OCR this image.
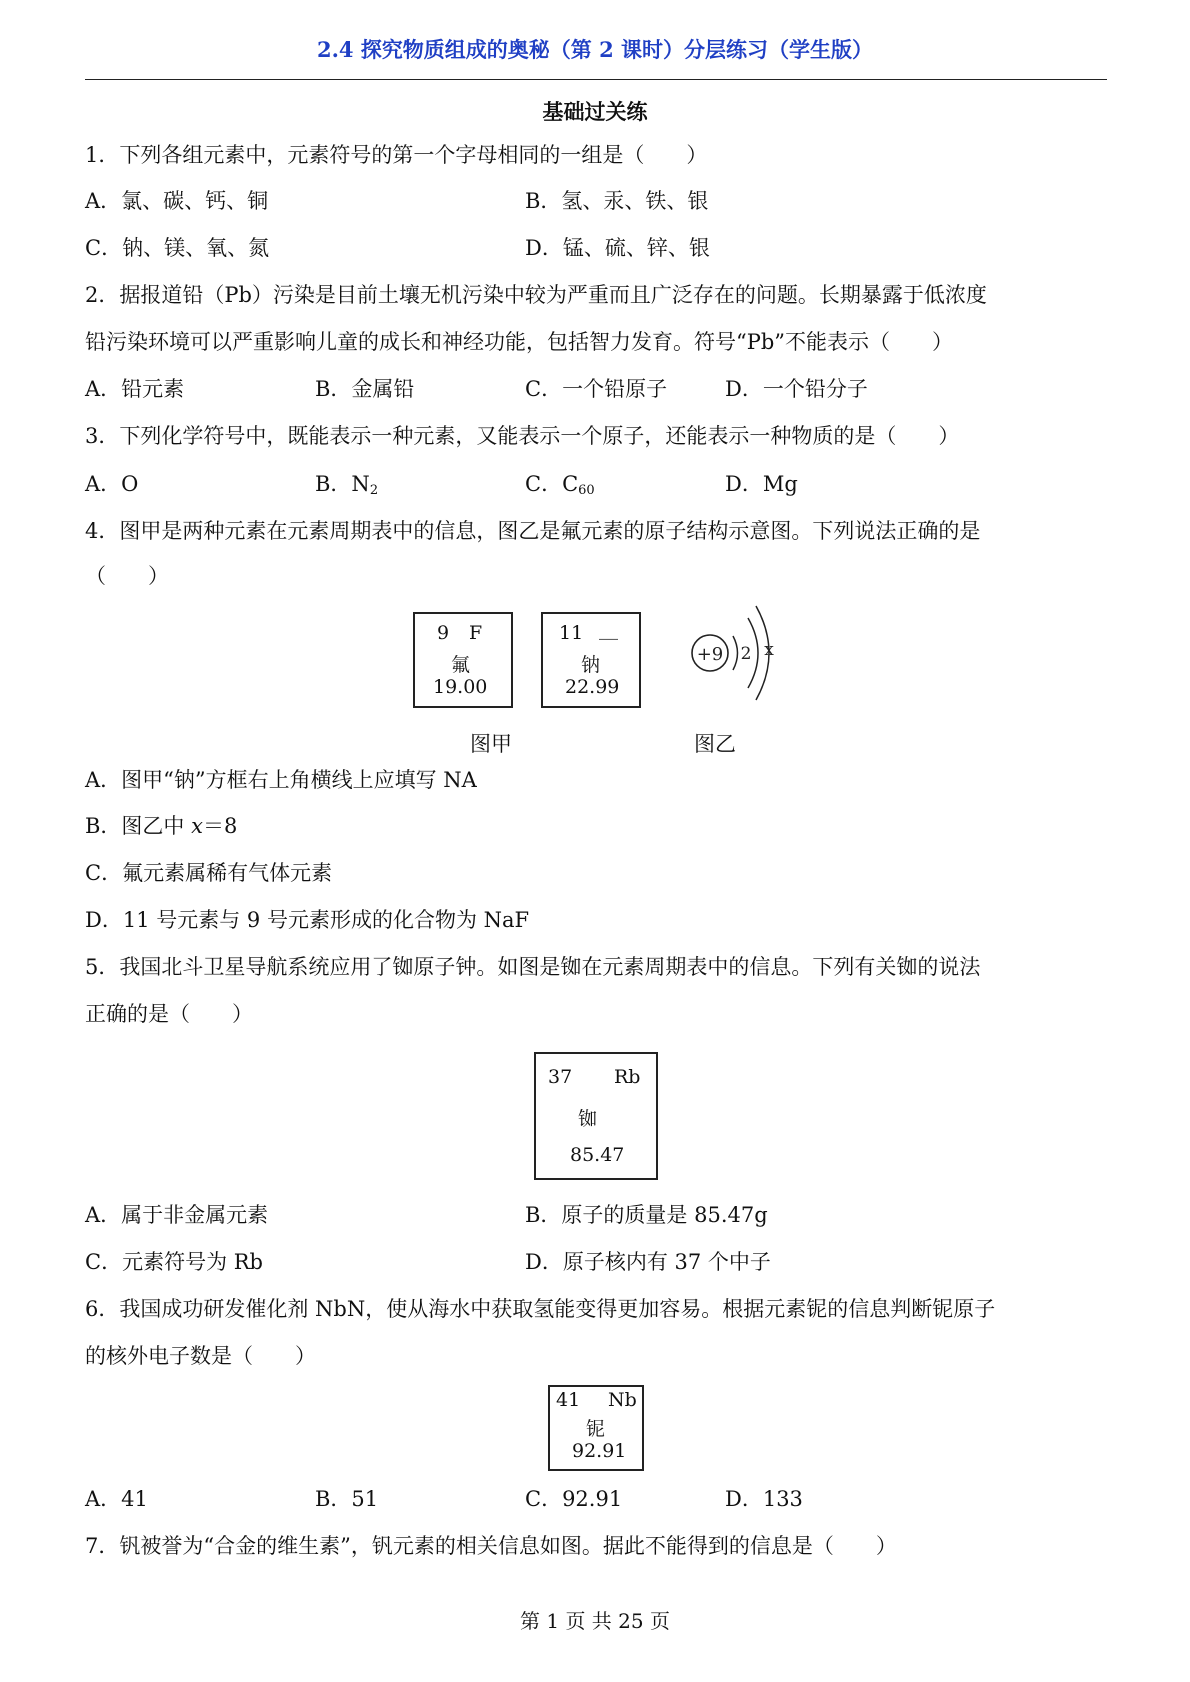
2.4 探究物质组成的奥秘（第 2 课时）分层练习（学生版）
基础过关练
1．下列各组元素中，元素符号的第一个字母相同的一组是（　　）
A．氯、碳、钙、铜	B．氢、汞、铁、银
C．钠、镁、氧、氮	D．锰、硫、锌、银
2．据报道铅（Pb）污染是目前土壤无机污染中较为严重而且广泛存在的问题。长期暴露于低浓度
铅污染环境可以严重影响儿童的成长和神经功能，包括智力发育。符号“Pb”不能表示（　　）
A．铅元素	B．金属铅	C．一个铅原子	D．一个铅分子
3．下列化学符号中，既能表示一种元素，又能表示一个原子，还能表示一种物质的是（　　）
A．O	B．$N_2$	C．$C_{60}$	D．Mg
4．图甲是两种元素在元素周期表中的信息，图乙是氟元素的原子结构示意图。下列说法正确的是
（　　）
9 F
氟
19.00
11 __
钠
22.99
+9 2 x
图甲	图乙
A．图甲“钠”方框右上角横线上应填写 NA
B．图乙中 x＝8
C．氟元素属稀有气体元素
D．11 号元素与 9 号元素形成的化合物为 NaF
5．我国北斗卫星导航系统应用了铷原子钟。如图是铷在元素周期表中的信息。下列有关铷的说法
正确的是（　　）
37 Rb
铷
85.47
A．属于非金属元素	B．原子的质量是 85.47g
C．元素符号为 Rb	D．原子核内有 37 个中子
6．我国成功研发催化剂 NbN，使从海水中获取氢能变得更加容易。根据元素铌的信息判断铌原子
的核外电子数是（　　）
41 Nb
铌
92.91
A．41	B．51	C．92.91	D．133
7．钒被誉为“合金的维生素”，钒元素的相关信息如图。据此不能得到的信息是（　　）
第 1 页 共 25 页
